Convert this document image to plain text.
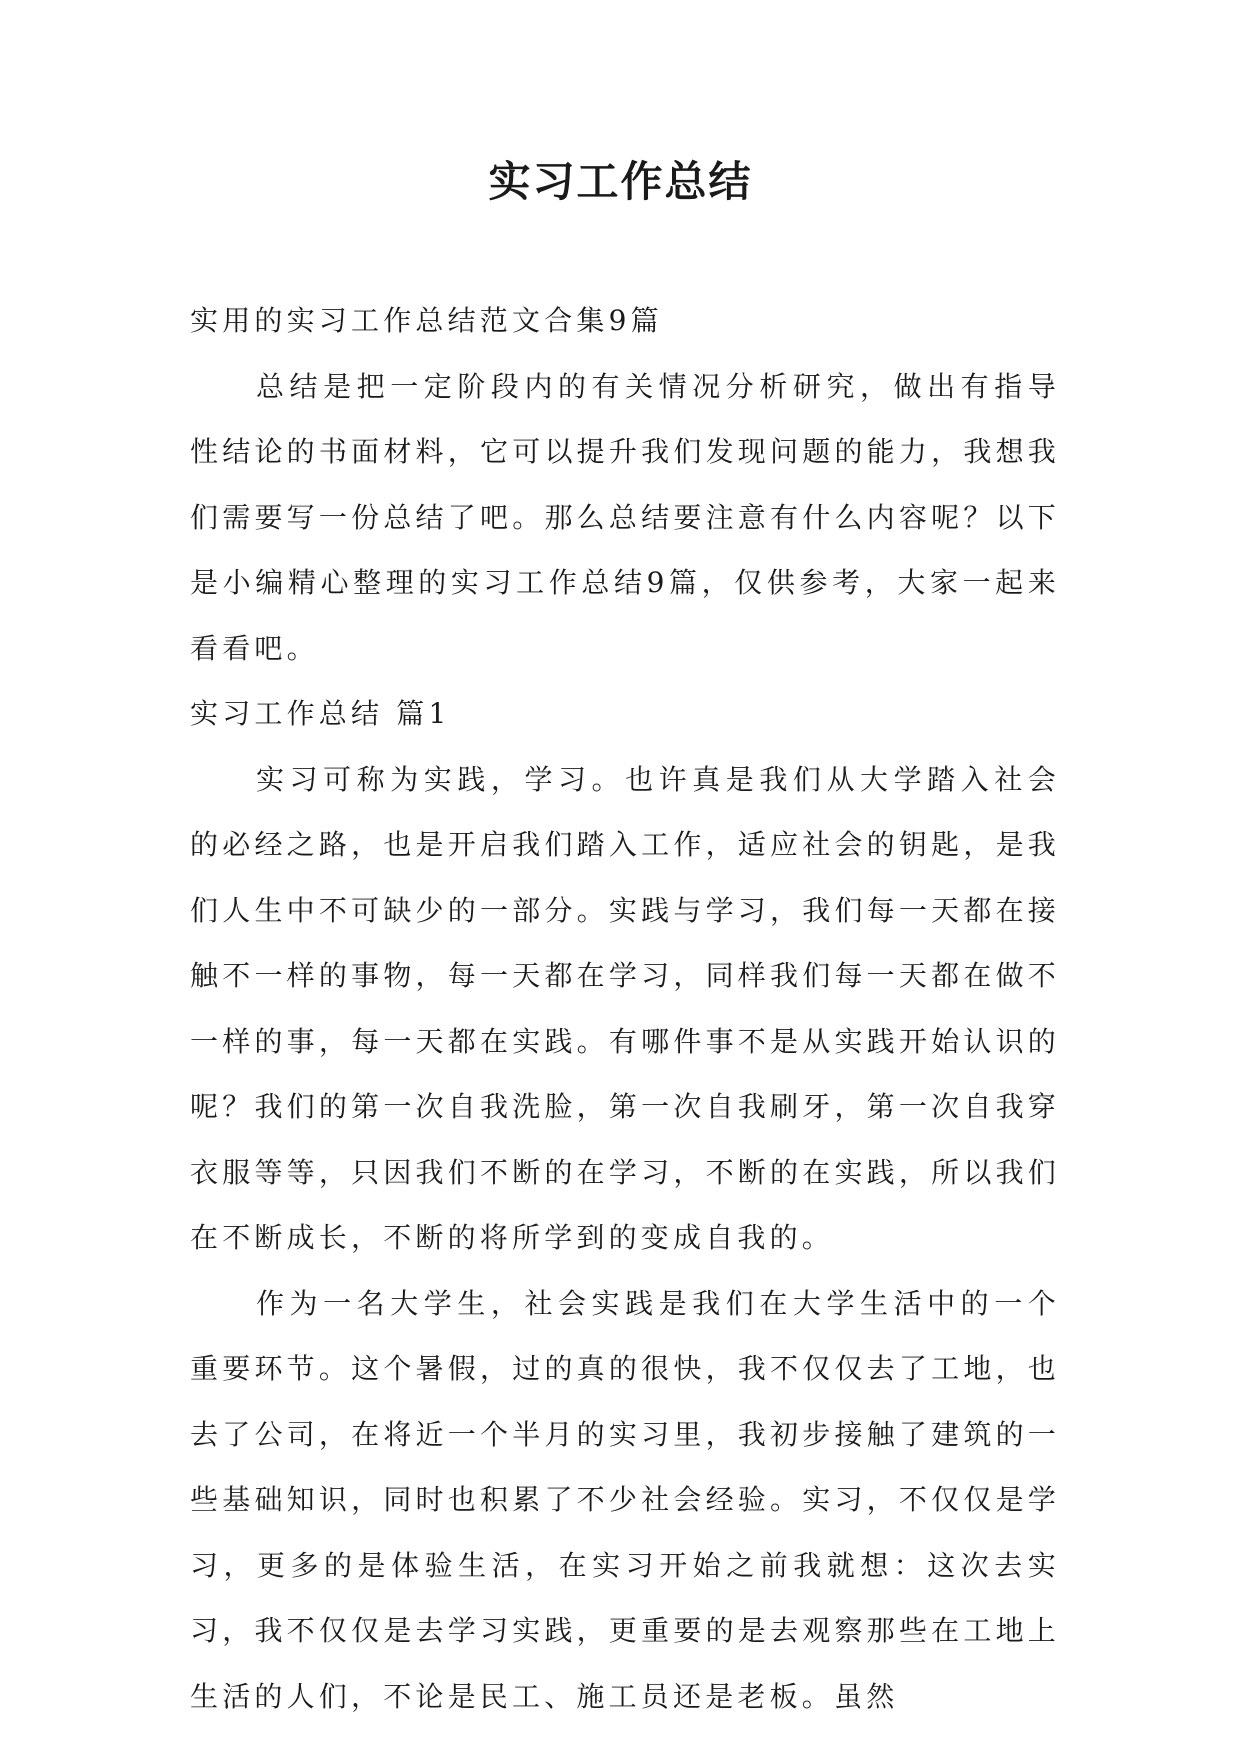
实习工作总结

实用的实习工作总结范文合集9篇

总结是把一定阶段内的有关情况分析研究，做出有指导性结论的书面材料，它可以提升我们发现问题的能力，我想我们需要写一份总结了吧。那么总结要注意有什么内容呢？以下是小编精心整理的实习工作总结9篇，仅供参考，大家一起来看看吧。

实习工作总结 篇1

实习可称为实践，学习。也许真是我们从大学踏入社会的必经之路，也是开启我们踏入工作，适应社会的钥匙，是我们人生中不可缺少的一部分。实践与学习，我们每一天都在接触不一样的事物，每一天都在学习，同样我们每一天都在做不一样的事，每一天都在实践。有哪件事不是从实践开始认识的呢？我们的第一次自我洗脸，第一次自我刷牙，第一次自我穿衣服等等，只因我们不断的在学习，不断的在实践，所以我们在不断成长，不断的将所学到的变成自我的。

作为一名大学生，社会实践是我们在大学生活中的一个重要环节。这个暑假，过的真的很快，我不仅仅去了工地，也去了公司，在将近一个半月的实习里，我初步接触了建筑的一些基础知识，同时也积累了不少社会经验。实习，不仅仅是学习，更多的是体验生活，在实习开始之前我就想：这次去实习，我不仅仅是去学习实践，更重要的是去观察那些在工地上生活的人们，不论是民工、施工员还是老板。虽然
